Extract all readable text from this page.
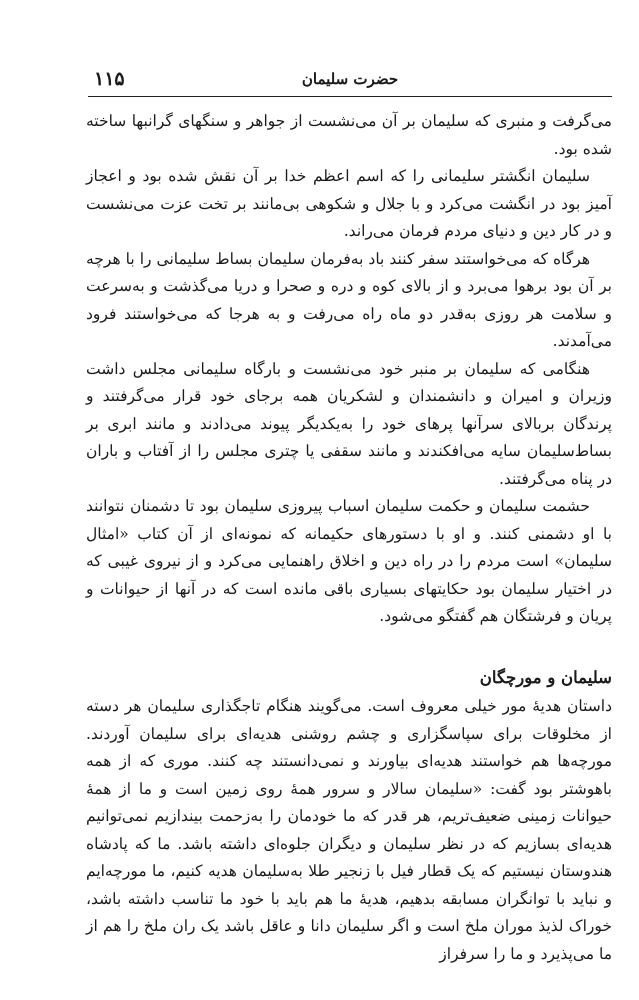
۱۱۵	حضرت سلیمان

می‌گرفت و منبری که سلیمان بر آن می‌نشست از جواهر و سنگهای گرانبها ساخته شده بود.

سلیمان انگشتر سلیمانی را که اسم اعظم خدا بر آن نقش شده بود و اعجاز آمیز بود در انگشت می‌کرد و با جلال و شکوهی بی‌مانند بر تخت عزت می‌نشست و در کار دین و دنیای مردم فرمان می‌راند.

هرگاه که می‌خواستند سفر کنند باد به‌فرمان سلیمان بساط سلیمانی را با هرچه بر آن بود برهوا می‌برد و از بالای کوه و دره و صحرا و دریا می‌گذشت و به‌سرعت و سلامت هر روزی به‌قدر دو ماه راه می‌رفت و به هرجا که می‌خواستند فرود می‌آمدند.

هنگامی که سلیمان بر منبر خود می‌نشست و بارگاه سلیمانی مجلس داشت وزیران و امیران و دانشمندان و لشکریان همه برجای خود قرار می‌گرفتند و پرندگان بربالای سرآنها پرهای خود را به‌یکدیگر پیوند می‌دادند و مانند ابری بر بساط‌سلیمان سایه می‌افکندند و مانند سقفی یا چتری مجلس را از آفتاب و باران در پناه می‌گرفتند.

حشمت سلیمان و حکمت سلیمان اسباب پیروزی سلیمان بود تا دشمنان نتوانند با او دشمنی کنند. و او با دستورهای حکیمانه که نمونه‌ای از آن کتاب «امثال سلیمان» است مردم را در راه دین و اخلاق راهنمایی می‌کرد و از نیروی غیبی که در اختیار سلیمان بود حکایتهای بسیاری باقی مانده است که در آنها از حیوانات و پریان و فرشتگان هم گفتگو می‌شود.

سلیمان و مورچگان

داستان هدیهٔ مور خیلی معروف است. می‌گویند هنگام تاجگذاری سلیمان هر دسته از مخلوقات برای سپاسگزاری و چشم روشنی هدیه‌ای برای سلیمان آوردند. مورچه‌ها هم خواستند هدیه‌ای بیاورند و نمی‌دانستند چه کنند. موری که از همه باهوشتر بود گفت: «سلیمان سالار و سرور همهٔ روی زمین است و ما از همهٔ حیوانات زمینی ضعیف‌تریم، هر قدر که ما خودمان را به‌زحمت بیندازیم نمی‌توانیم هدیه‌ای بسازیم که در نظر سلیمان و دیگران جلوه‌ای داشته باشد. ما که پادشاه هندوستان نیستیم که یک قطار فیل با زنجیر طلا به‌سلیمان هدیه کنیم، ما مورچه‌ایم و نباید با توانگران مسابقه بدهیم، هدیهٔ ما هم باید با خود ما تناسب داشته باشد، خوراک لذیذ موران ملخ است و اگر سلیمان دانا و عاقل باشد یک ران ملخ را هم از ما می‌پذیرد و ما را سرفراز
